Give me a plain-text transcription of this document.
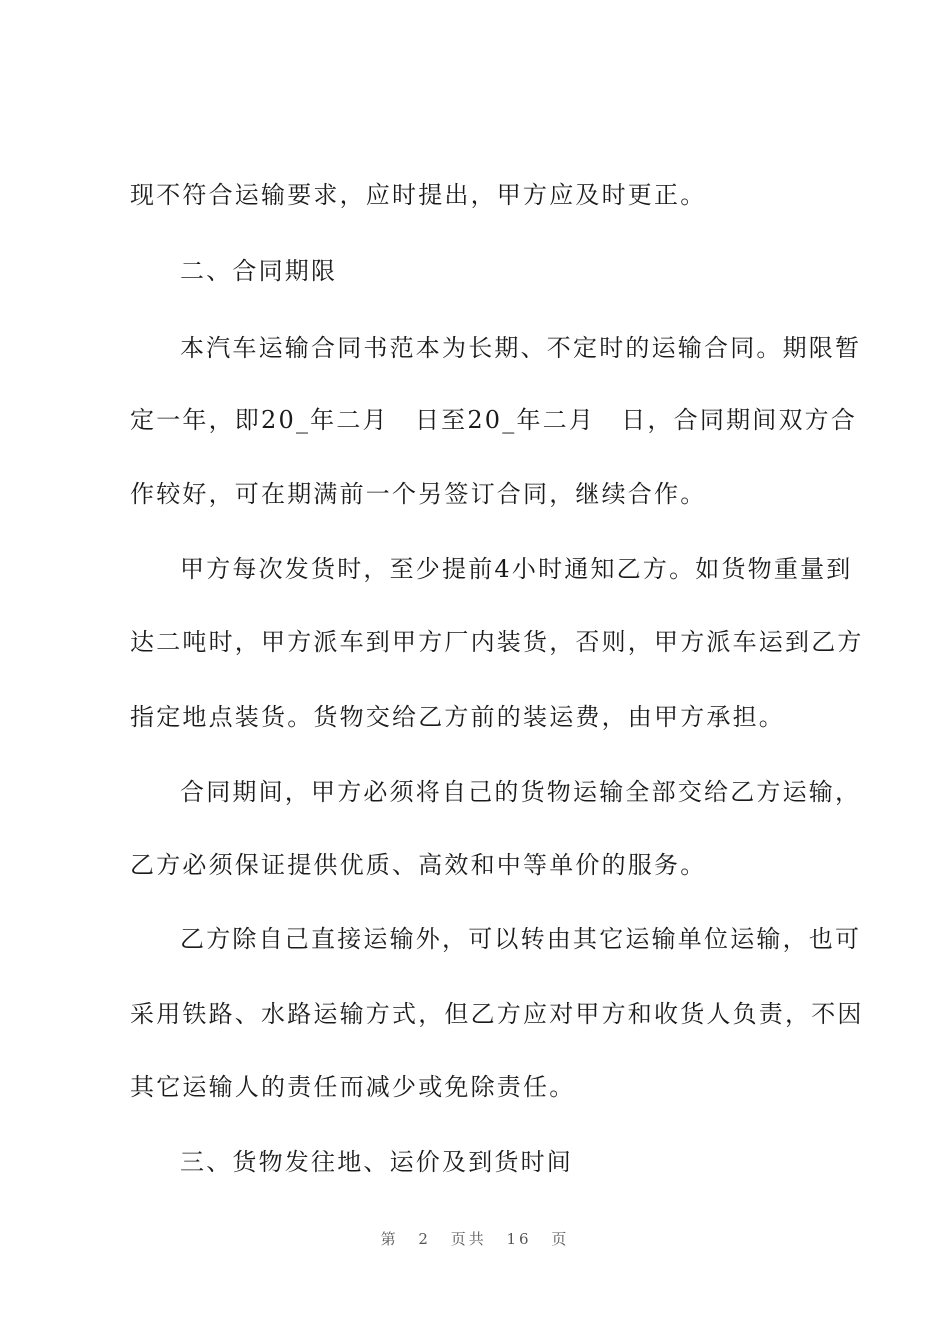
现不符合运输要求，应时提出，甲方应及时更正。
二、合同期限
本汽车运输合同书范本为长期、不定时的运输合同。期限暂
定一年，即20_年二月　日至20_年二月　日，合同期间双方合
作较好，可在期满前一个另签订合同，继续合作。
甲方每次发货时，至少提前4小时通知乙方。如货物重量到
达二吨时，甲方派车到甲方厂内装货，否则，甲方派车运到乙方
指定地点装货。货物交给乙方前的装运费，由甲方承担。
合同期间，甲方必须将自己的货物运输全部交给乙方运输，
乙方必须保证提供优质、高效和中等单价的服务。
乙方除自己直接运输外，可以转由其它运输单位运输，也可
采用铁路、水路运输方式，但乙方应对甲方和收货人负责，不因
其它运输人的责任而减少或免除责任。
三、货物发往地、运价及到货时间
第 2 页共 16 页
